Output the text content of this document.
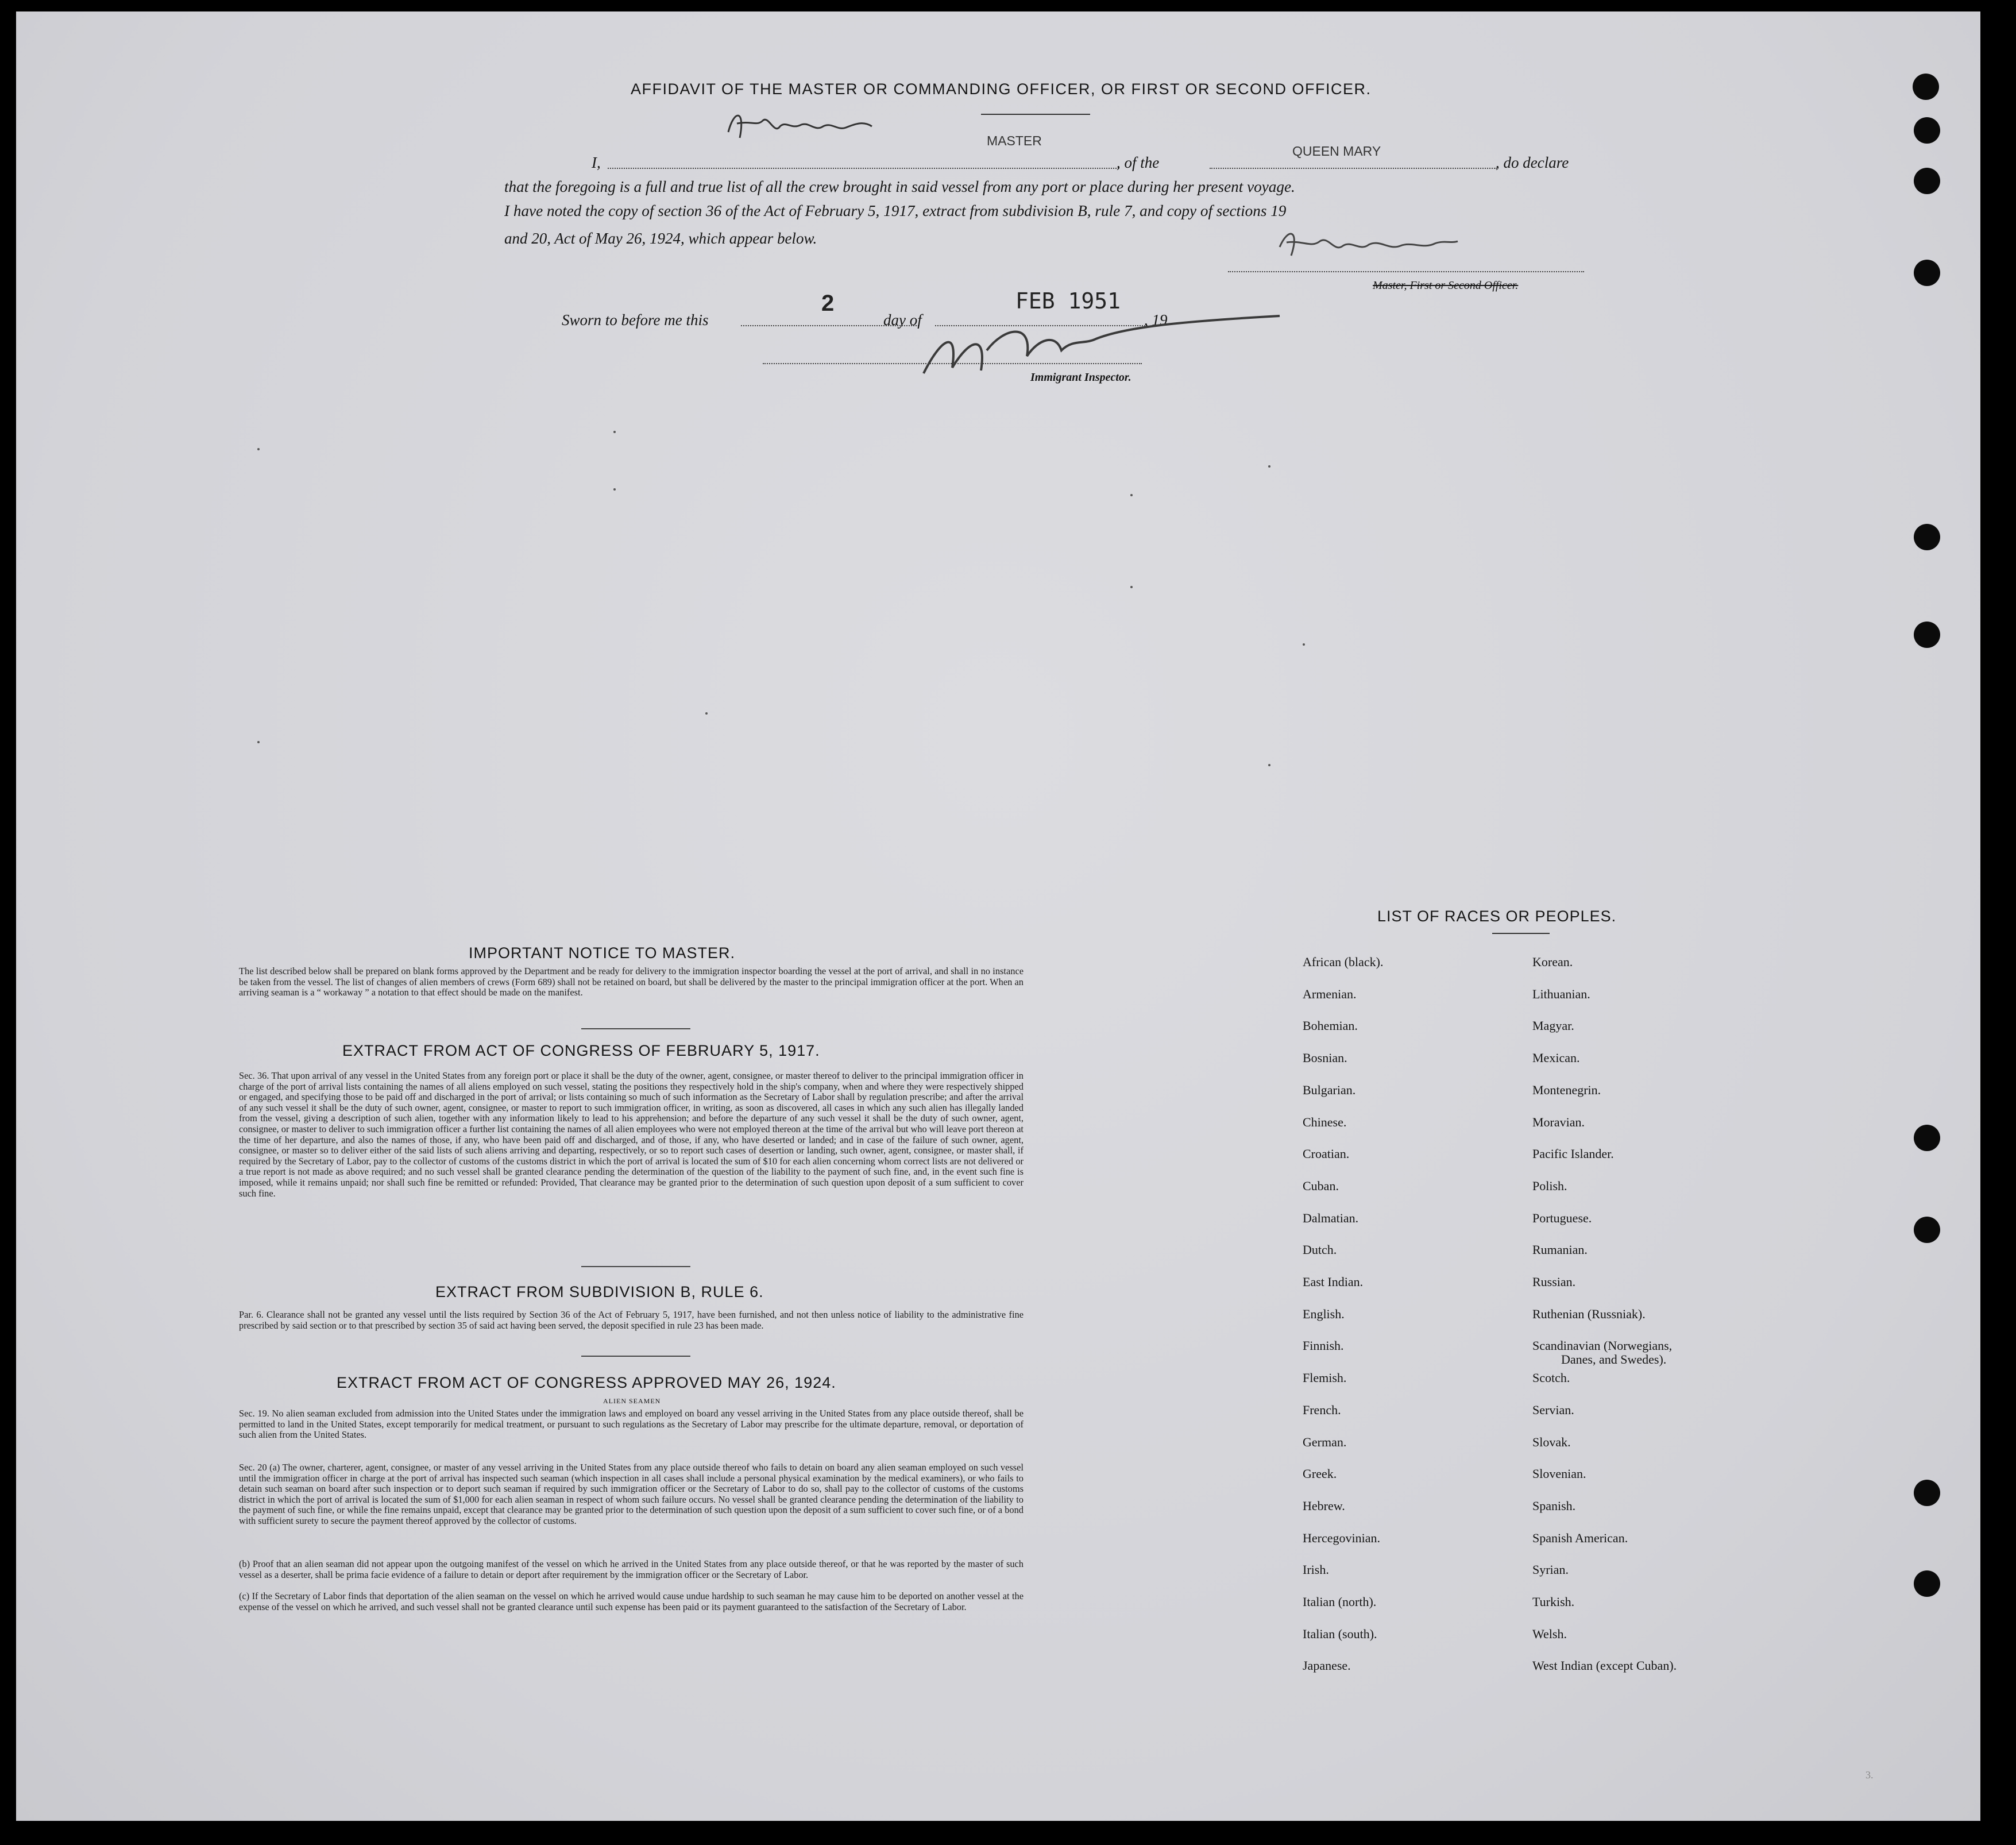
AFFIDAVIT OF THE MASTER OR COMMANDING OFFICER, OR FIRST OR SECOND OFFICER.
MASTER
I,	, of the
QUEEN MARY
, do declare
that the foregoing is a full and true list of all the crew brought in said vessel from any port or place during her present voyage.
I have noted the copy of section 36 of the Act of February 5, 1917, extract from subdivision B, rule 7, and copy of sections 19
and 20, Act of May 26, 1924, which appear below.
Master, First or Second Officer.
Sworn to before me this
2
day of
FEB 1951
, 19
Immigrant Inspector.
IMPORTANT NOTICE TO MASTER.
The list described below shall be prepared on blank forms approved by the Department and be ready for delivery to the immigration inspector boarding the vessel at the port of arrival, and shall in no instance be taken from the vessel. The list of changes of alien members of crews (Form 689) shall not be retained on board, but shall be delivered by the master to the principal immigration officer at the port. When an arriving seaman is a “ workaway ” a notation to that effect should be made on the manifest.
EXTRACT FROM ACT OF CONGRESS OF FEBRUARY 5, 1917.
Sec. 36. That upon arrival of any vessel in the United States from any foreign port or place it shall be the duty of the owner, agent, consignee, or master thereof to deliver to the principal immigration officer in charge of the port of arrival lists containing the names of all aliens employed on such vessel, stating the positions they respectively hold in the ship's company, when and where they were respectively shipped or engaged, and specifying those to be paid off and discharged in the port of arrival; or lists containing so much of such information as the Secretary of Labor shall by regulation prescribe; and after the arrival of any such vessel it shall be the duty of such owner, agent, consignee, or master to report to such immigration officer, in writing, as soon as discovered, all cases in which any such alien has illegally landed from the vessel, giving a description of such alien, together with any information likely to lead to his apprehension; and before the departure of any such vessel it shall be the duty of such owner, agent, consignee, or master to deliver to such immigration officer a further list containing the names of all alien employees who were not employed thereon at the time of the arrival but who will leave port thereon at the time of her departure, and also the names of those, if any, who have been paid off and discharged, and of those, if any, who have deserted or landed; and in case of the failure of such owner, agent, consignee, or master so to deliver either of the said lists of such aliens arriving and departing, respectively, or so to report such cases of desertion or landing, such owner, agent, consignee, or master shall, if required by the Secretary of Labor, pay to the collector of customs of the customs district in which the port of arrival is located the sum of $10 for each alien concerning whom correct lists are not delivered or a true report is not made as above required; and no such vessel shall be granted clearance pending the determination of the question of the liability to the payment of such fine, and, in the event such fine is imposed, while it remains unpaid; nor shall such fine be remitted or refunded: Provided, That clearance may be granted prior to the determination of such question upon deposit of a sum sufficient to cover such fine.
EXTRACT FROM SUBDIVISION B, RULE 6.
Par. 6. Clearance shall not be granted any vessel until the lists required by Section 36 of the Act of February 5, 1917, have been furnished, and not then unless notice of liability to the administrative fine prescribed by said section or to that prescribed by section 35 of said act having been served, the deposit specified in rule 23 has been made.
EXTRACT FROM ACT OF CONGRESS APPROVED MAY 26, 1924.
ALIEN SEAMEN
Sec. 19. No alien seaman excluded from admission into the United States under the immigration laws and employed on board any vessel arriving in the United States from any place outside thereof, shall be permitted to land in the United States, except temporarily for medical treatment, or pursuant to such regulations as the Secretary of Labor may prescribe for the ultimate departure, removal, or deportation of such alien from the United States.
Sec. 20 (a) The owner, charterer, agent, consignee, or master of any vessel arriving in the United States from any place outside thereof who fails to detain on board any alien seaman employed on such vessel until the immigration officer in charge at the port of arrival has inspected such seaman (which inspection in all cases shall include a personal physical examination by the medical examiners), or who fails to detain such seaman on board after such inspection or to deport such seaman if required by such immigration officer or the Secretary of Labor to do so, shall pay to the collector of customs of the customs district in which the port of arrival is located the sum of $1,000 for each alien seaman in respect of whom such failure occurs. No vessel shall be granted clearance pending the determination of the liability to the payment of such fine, or while the fine remains unpaid, except that clearance may be granted prior to the determination of such question upon the deposit of a sum sufficient to cover such fine, or of a bond with sufficient surety to secure the payment thereof approved by the collector of customs.
(b) Proof that an alien seaman did not appear upon the outgoing manifest of the vessel on which he arrived in the United States from any place outside thereof, or that he was reported by the master of such vessel as a deserter, shall be prima facie evidence of a failure to detain or deport after requirement by the immigration officer or the Secretary of Labor.
(c) If the Secretary of Labor finds that deportation of the alien seaman on the vessel on which he arrived would cause undue hardship to such seaman he may cause him to be deported on another vessel at the expense of the vessel on which he arrived, and such vessel shall not be granted clearance until such expense has been paid or its payment guaranteed to the satisfaction of the Secretary of Labor.
LIST OF RACES OR PEOPLES.
African (black).
Armenian.
Bohemian.
Bosnian.
Bulgarian.
Chinese.
Croatian.
Cuban.
Dalmatian.
Dutch.
East Indian.
English.
Finnish.
Flemish.
French.
German.
Greek.
Hebrew.
Hercegovinian.
Irish.
Italian (north).
Italian (south).
Japanese.
Korean.
Lithuanian.
Magyar.
Mexican.
Montenegrin.
Moravian.
Pacific Islander.
Polish.
Portuguese.
Rumanian.
Russian.
Ruthenian (Russniak).
Scandinavian (Norwegians,
Scotch.
Servian.
Slovak.
Slovenian.
Spanish.
Spanish American.
Syrian.
Turkish.
Welsh.
West Indian (except Cuban).
Danes, and Swedes).
3.
